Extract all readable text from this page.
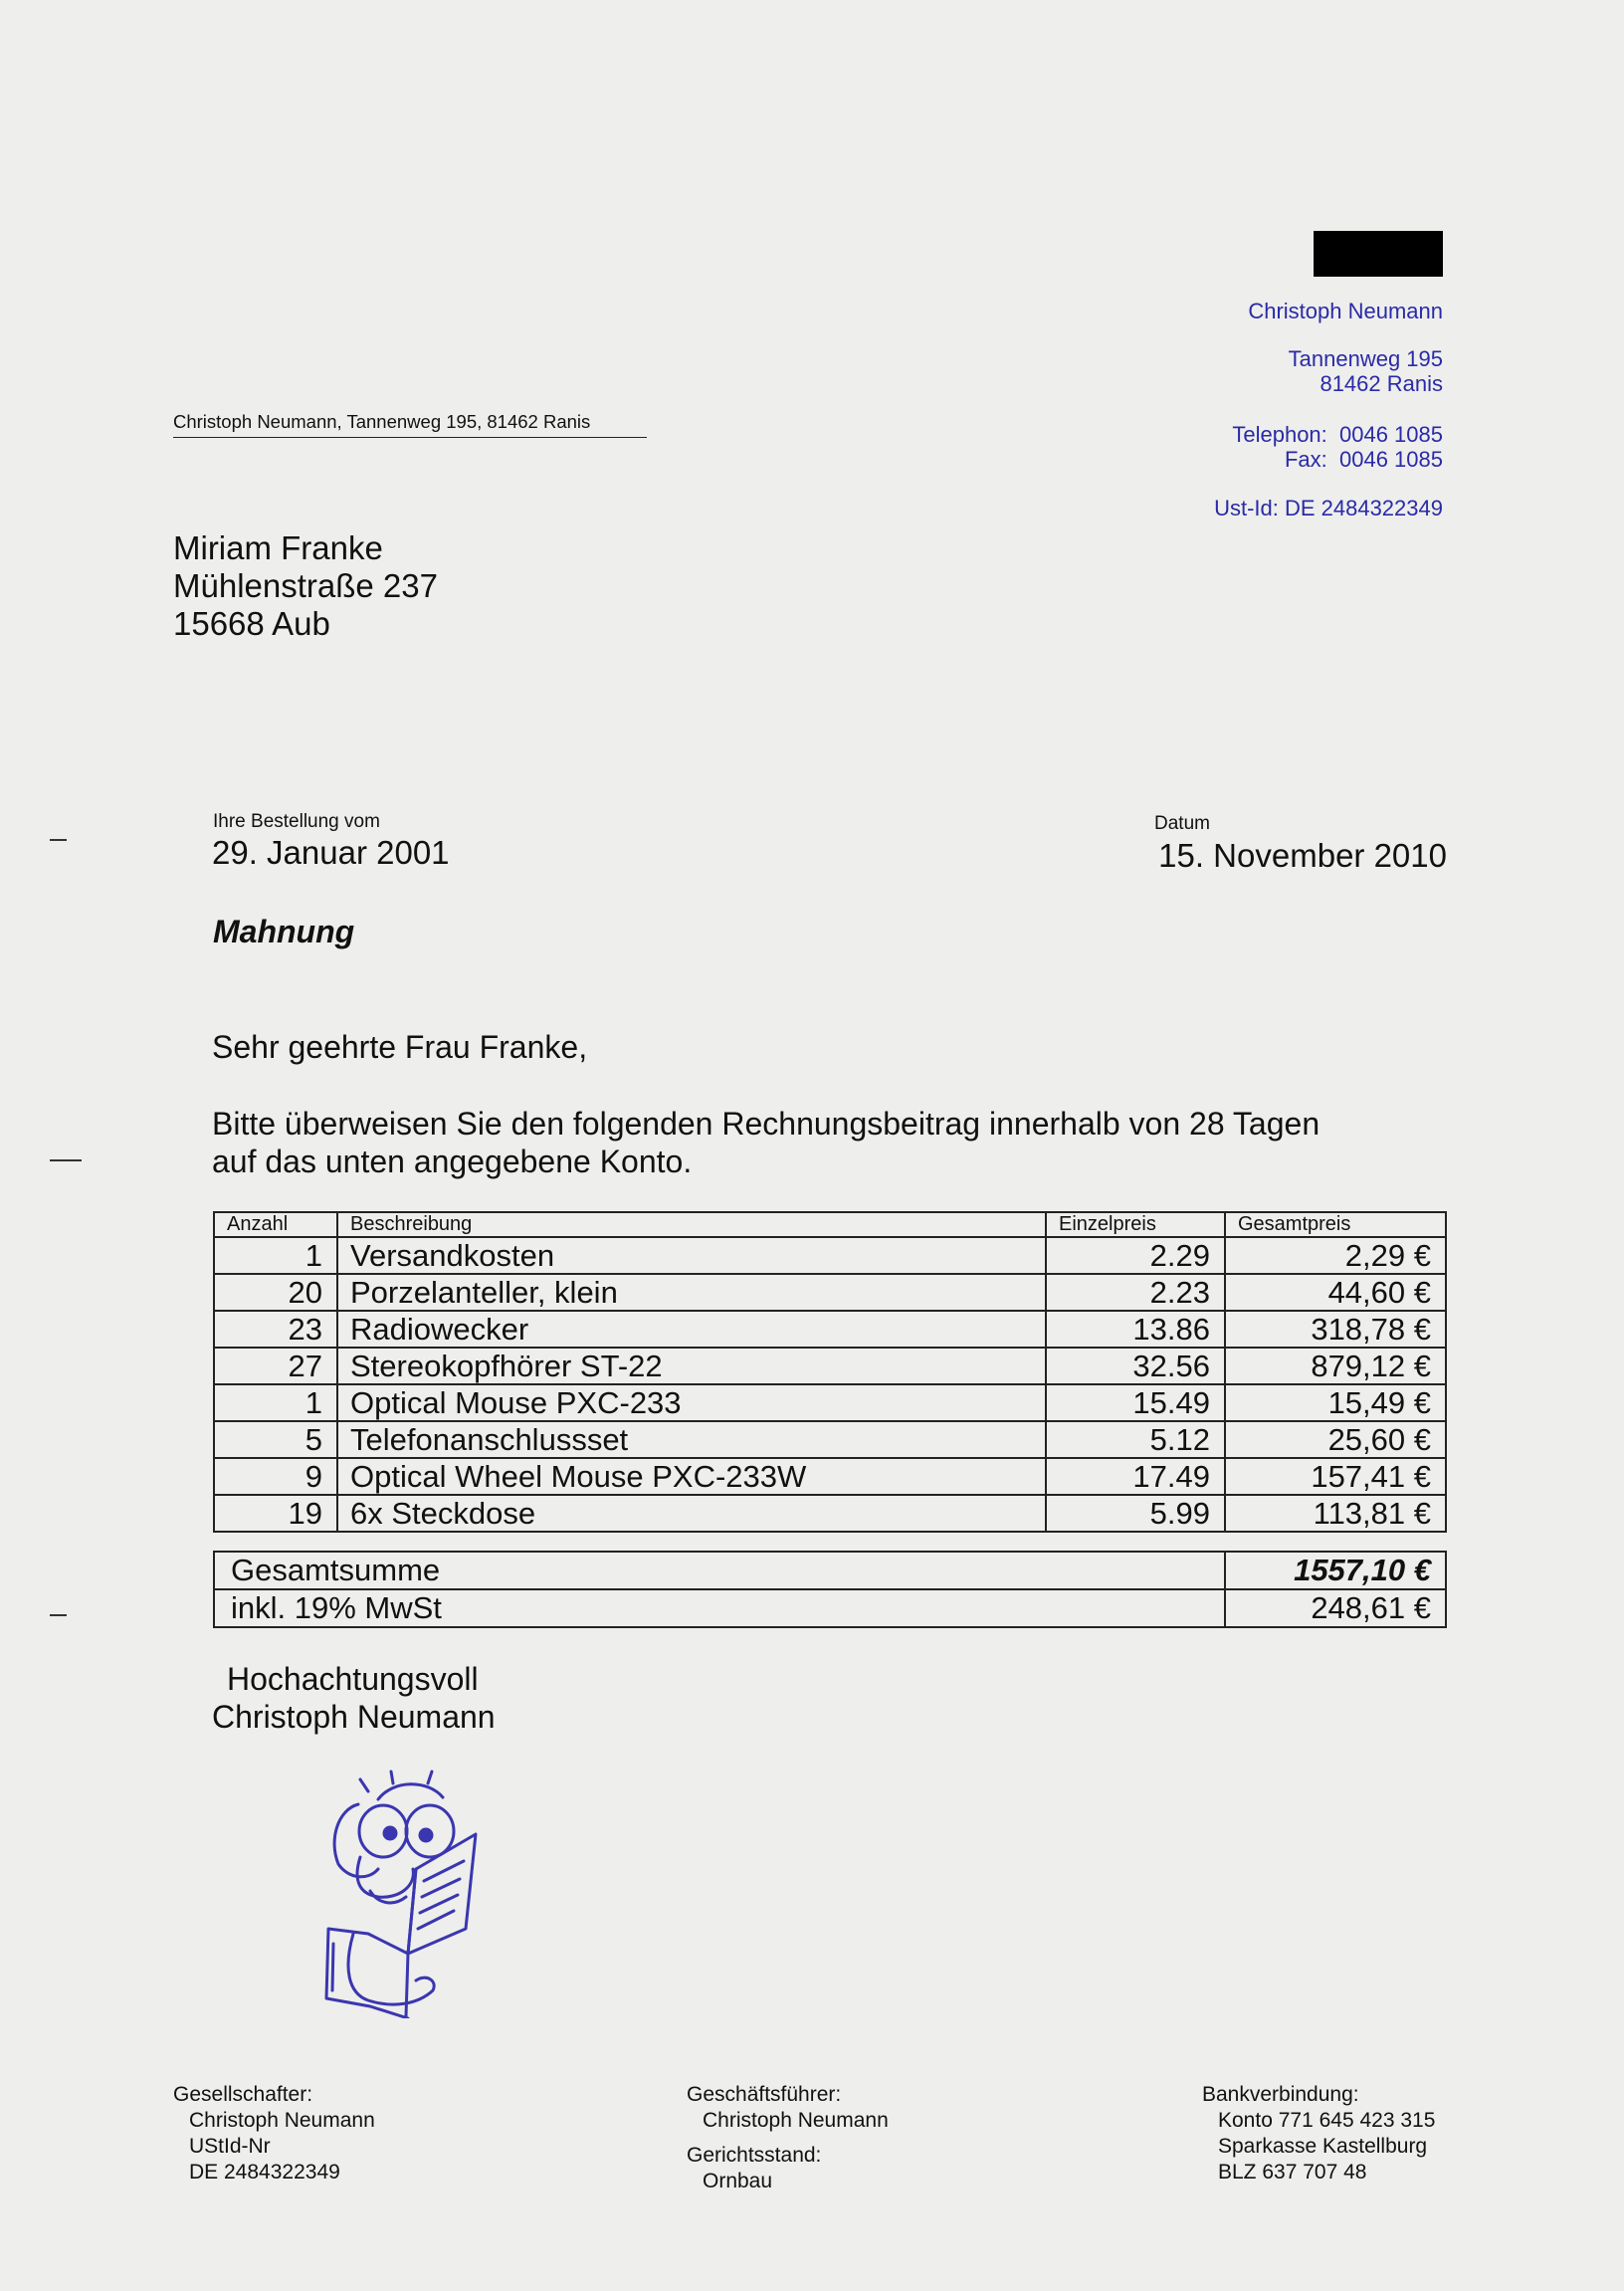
Christoph Neumann
Tannenweg 195
81462 Ranis
Telephon:  0046 1085
Fax:  0046 1085
Ust-Id: DE 2484322349
Christoph Neumann, Tannenweg 195, 81462 Ranis
Miriam Franke
Mühlenstraße 237
15668 Aub
Ihre Bestellung vom
29. Januar 2001
Datum
15. November 2010
Mahnung
Sehr geehrte Frau Franke,
Bitte überweisen Sie den folgenden Rechnungsbeitrag innerhalb von 28 Tagen
auf das unten angegebene Konto.
Anzahl	Beschreibung	Einzelpreis	Gesamtpreis
1	Versandkosten	2.29	2,29 €
20	Porzelanteller, klein	2.23	44,60 €
23	Radiowecker	13.86	318,78 €
27	Stereokopfhörer ST-22	32.56	879,12 €
1	Optical Mouse PXC-233	15.49	15,49 €
5	Telefonanschlussset	5.12	25,60 €
9	Optical Wheel Mouse PXC-233W	17.49	157,41 €
19	6x Steckdose	5.99	113,81 €
Gesamtsumme	1557,10 €
inkl. 19% MwSt	248,61 €
Hochachtungsvoll
Christoph Neumann
Gesellschafter:
Christoph Neumann
UStId-Nr
DE 2484322349
Geschäftsführer:
Christoph Neumann
Gerichtsstand:
Ornbau
Bankverbindung:
Konto 771 645 423 315
Sparkasse Kastellburg
BLZ 637 707 48
